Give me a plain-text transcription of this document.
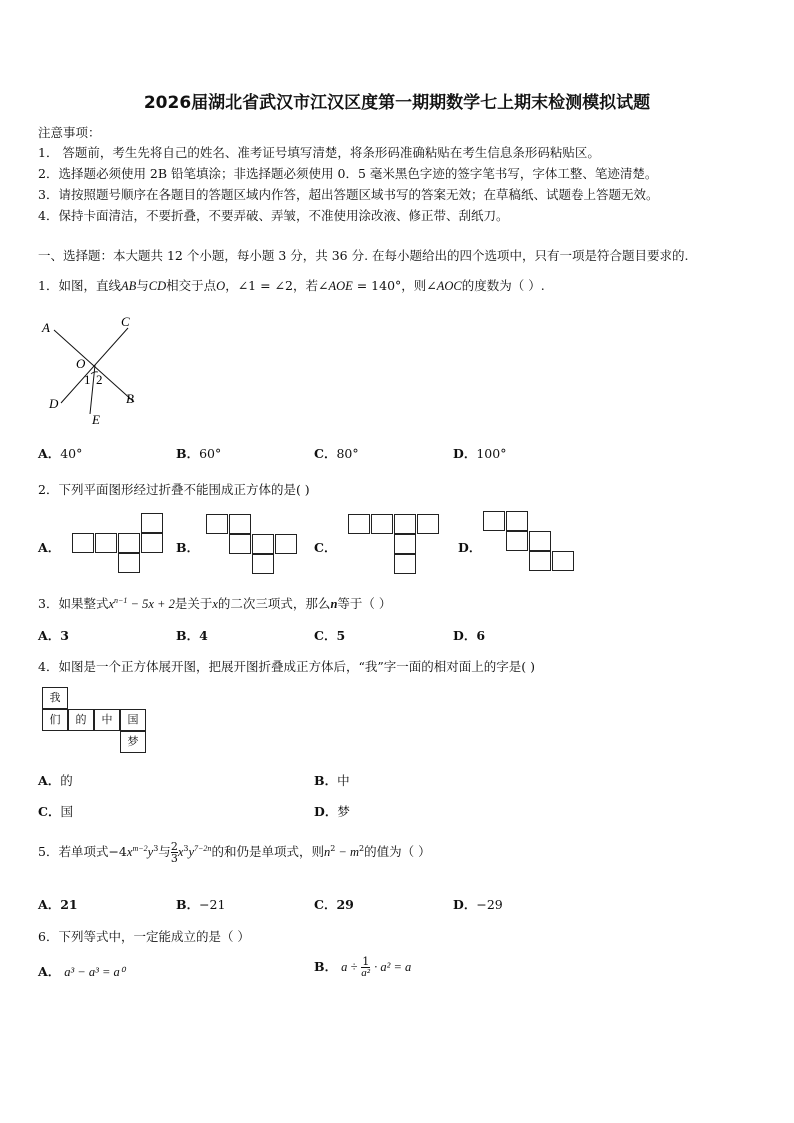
2026届湖北省武汉市江汉区度第一期期数学七上期末检测模拟试题
注意事项：
1． 答题前，考生先将自己的姓名、准考证号填写清楚，将条形码准确粘贴在考生信息条形码粘贴区。
2．选择题必须使用 2B 铅笔填涂；非选择题必须使用 0．5 毫米黑色字迹的签字笔书写，字体工整、笔迹清楚。
3．请按照题号顺序在各题目的答题区域内作答，超出答题区域书写的答案无效；在草稿纸、试题卷上答题无效。
4．保持卡面清洁，不要折叠，不要弄破、弄皱，不准使用涂改液、修正带、刮纸刀。
一、选择题：本大题共 12 个小题，每小题 3 分，共 36 分. 在每小题给出的四个选项中，只有一项是符合题目要求的.
1．如图，直线AB与CD相交于点O，∠1 = ∠2，若∠AOE = 140°，则∠AOC的度数为（ ）.
A	C
O
1 2
B
D
E
A．40°	B．60°	C．80°	D．100°
2．下列平面图形经过折叠不能围成正方体的是( )
A．	B．	C．	D．
3．如果整式$x^{n-1} - 5x + 2$是关于x的二次三项式，那么n等于（ ）
A．3	B．4	C．5	D．6
4．如图是一个正方体展开图，把展开图折叠成正方体后，“我”字一面的相对面上的字是( )
我
们	的	中	国
梦
A．的	B．中
C．国	D．梦
5．若单项式$-4x^{m-2}y^3$与 $\frac{2}{3} x^3y^{7-2n}$的和仍是单项式，则$n^2 - m^2$的值为（ ）
A．21	B．−21	C．29	D．−29
6．下列等式中，一定能成立的是（ ）
A． a³ − a³ = a⁰	B． $a \div \frac{1}{\text{a²}} \cdot a^2 = a$
